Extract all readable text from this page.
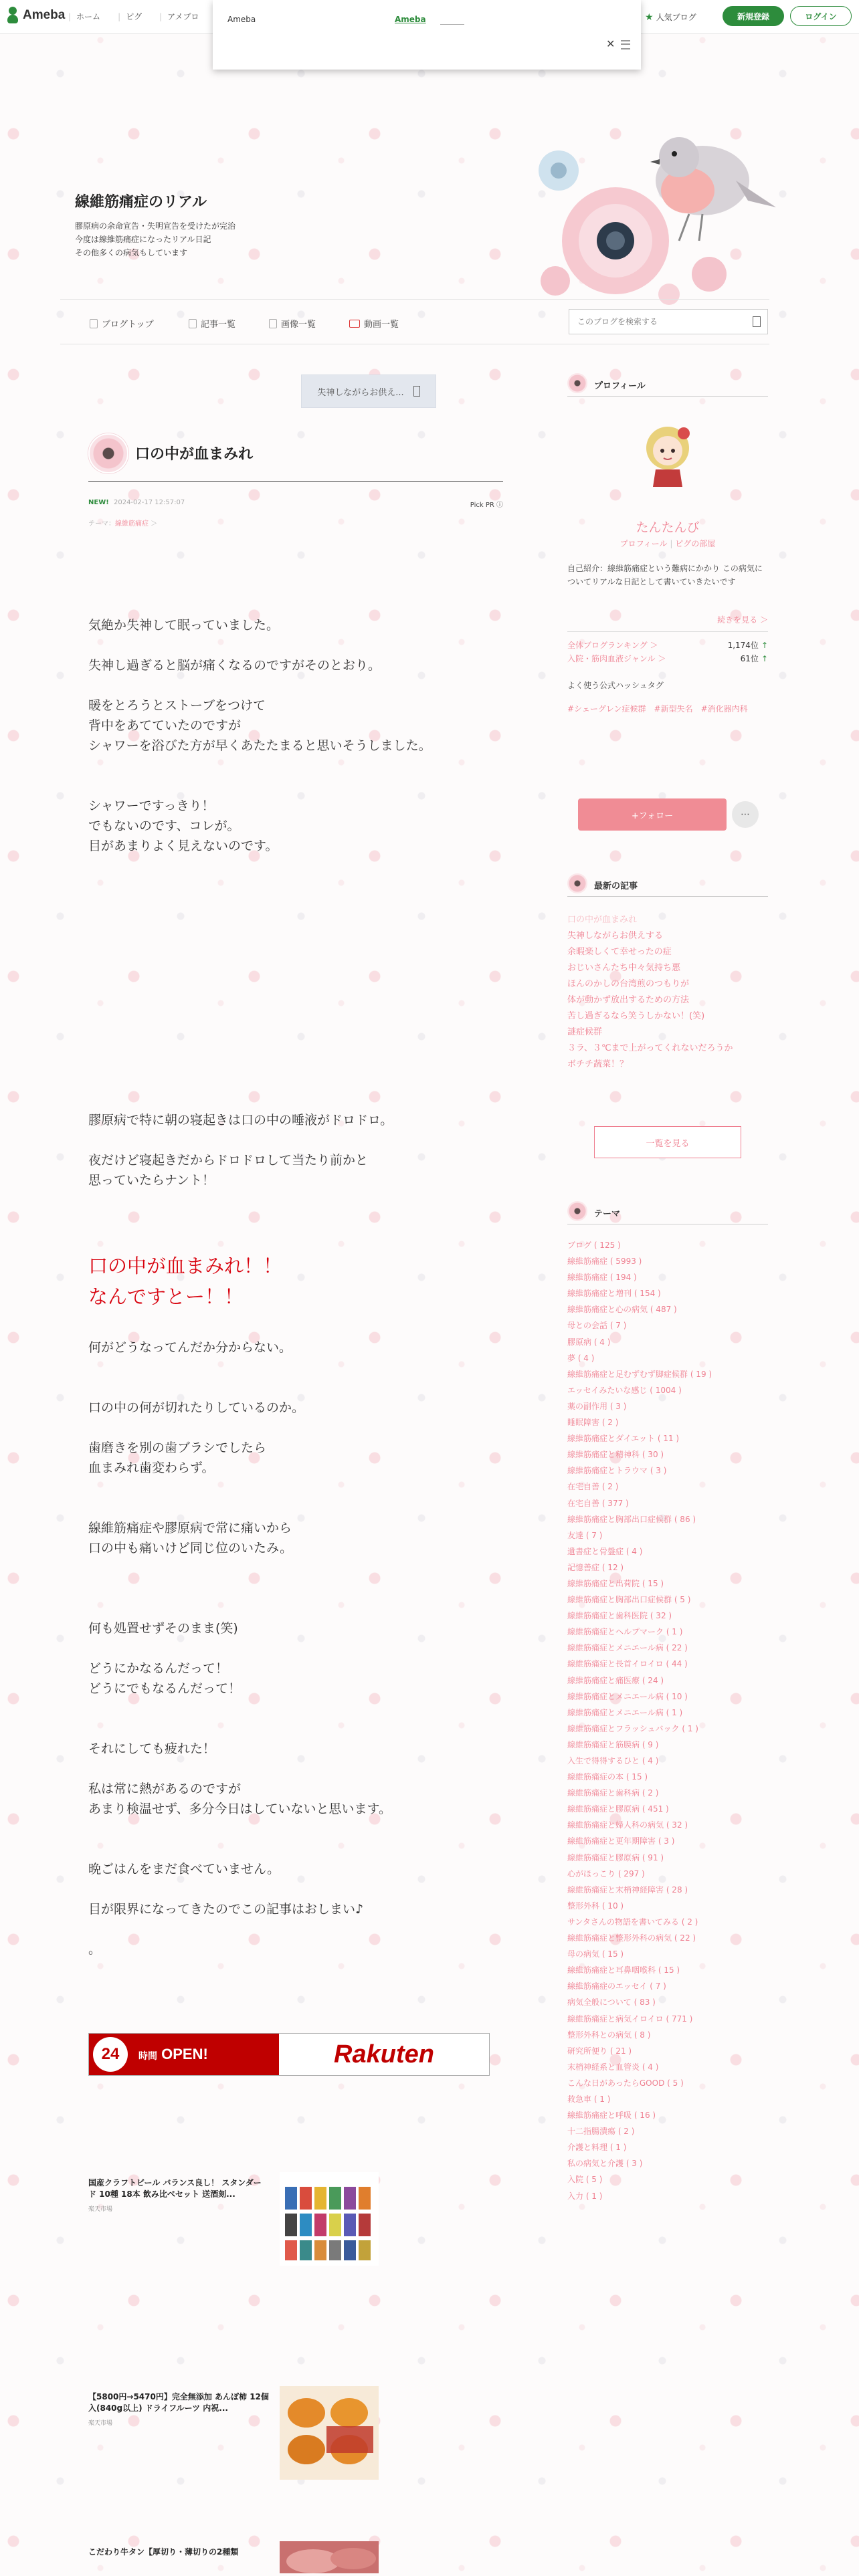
Ameba	| ホーム	| ピグ	| アメブロ	★ 人気ブログ	新規登録	ログイン
Ameba	Ameba
✕
線維筋痛症のリアル
膠原病の余命宣告・失明宣告を受けたが完治
今度は線維筋痛症になったリアル日記
その他多くの病気もしています
ブログトップ	記事一覧	画像一覧	動画一覧
このブログを検索する
失神しながらお供え...
口の中が血まみれ
NEW! 2024-02-17 12:57:07	Pick PR ⓘ
テーマ：線維筋痛症 ＞

気絶か失神して眠っていました。

失神し過ぎると脳が痛くなるのですがそのとおり。

暖をとろうとストーブをつけて

背中をあてていたのですが

シャワーを浴びた方が早くあたたまると思いそうしました。

シャワーですっきり！

でもないのです、コレが。

目があまりよく見えないのです。

膠原病で特に朝の寝起きは口の中の唾液がドロドロ。

夜だけど寝起きだからドロドロして当たり前かと

思っていたらナント！

口の中が血まみれ！！
なんですとー！！

何がどうなってんだか分からない。

口の中の何が切れたりしているのか。

歯磨きを別の歯ブラシでしたら

血まみれ歯変わらず。

線維筋痛症や膠原病で常に痛いから

口の中も痛いけど同じ位のいたみ。

何も処置せずそのまま(笑)

どうにかなるんだって！

どうにでもなるんだって！

それにしても疲れた！

私は常に熱があるのですが

あまり検温せず、多分今日はしていないと思います。

晩ごはんをまだ食べていません。

目が限界になってきたのでこの記事はおしまい♪

。

24	時間 OPEN!	Rakuten
国産クラフトビール バランス良し！ スタンダード 10種 18本 飲み比べセット 送酒刻...
楽天市場
【5800円→5470円】完全無添加 あんぽ柿 12個入(840g以上) ドライフルーツ 内祝...
楽天市場
こだわり牛タン【厚切り・薄切りの2種類
プロフィール
たんたんび
プロフィール | ピグの部屋
自己紹介：線維筋痛症という難病にかかり この病気についてリアルな日記として書いていきたいです
続きを見る ＞
全体ブログランキング ＞	1,174位 ↑
入院・筋肉血液ジャンル ＞	61位 ↑
よく使う公式ハッシュタグ
#シェーグレン症候群　#新型失名　#消化器内科
+フォロー	⋯
最新の記事
口の中が血まみれ
失神しながらお供えする
余暇楽しくて幸せったの症
おじいさんたち中々気持ち悪
ほんのかしの台湾煎のつもりが
体が動かず放出するための方法
苦し過ぎるなら笑うしかない！(笑)
謎症候群
３ラ、３℃まで上がってくれないだろうか
ボチチ蔬菜！？
一覧を見る
テーマ
ブログ ( 125 )
線維筋痛症 ( 5993 )
線維筋痛症 ( 194 )
線維筋痛症と増刊 ( 154 )
線維筋痛症と心の病気 ( 487 )
母との会話 ( 7 )
膠原病 ( 4 )
夢 ( 4 )
線維筋痛症と足むずむず脚症候群 ( 19 )
エッセイみたいな感じ ( 1004 )
薬の副作用 ( 3 )
睡眠障害 ( 2 )
線維筋痛症とダイエット ( 11 )
線維筋痛症と精神科 ( 30 )
線維筋痛症とトラウマ ( 3 )
在宅自善 ( 2 )
在宅自善 ( 377 )
線維筋痛症と胸部出口症候群 ( 86 )
友達 ( 7 )
遺書症と骨盤症 ( 4 )
記憶善症 ( 12 )
線維筋痛症と出荷院 ( 15 )
線維筋痛症と胸部出口症候群 ( 5 )
線維筋痛症と歯科医院 ( 32 )
線維筋痛症とヘルプマーク ( 1 )
線維筋痛症とメニエール病 ( 22 )
線維筋痛症と長首イロイロ ( 44 )
線維筋痛症と痛医療 ( 24 )
線維筋痛症とメニエール病 ( 10 )
線維筋痛症とメニエール病 ( 1 )
線維筋痛症とフラッシュバック ( 1 )
線維筋痛症と筋膜病 ( 9 )
入生で得得するひと ( 4 )
線維筋痛症の本 ( 15 )
線維筋痛症と歯科病 ( 2 )
線維筋痛症と膠原病 ( 451 )
線維筋痛症と婦人科の病気 ( 32 )
線維筋痛症と更年期障害 ( 3 )
線維筋痛症と膠原病 ( 91 )
心がほっこり ( 297 )
線維筋痛症と末梢神経障害 ( 28 )
整形外科 ( 10 )
サンタさんの物語を書いてみる ( 2 )
線維筋痛症と整形外科の病気 ( 22 )
母の病気 ( 15 )
線維筋痛症と耳鼻咽喉科 ( 15 )
線維筋痛症のエッセイ ( 7 )
病気全般について ( 83 )
線維筋痛症と病気イロイロ ( 771 )
整形外科との病気 ( 8 )
研究所便り ( 21 )
末梢神経系と血管炎 ( 4 )
こんな日があったらGOOD ( 5 )
救急車 ( 1 )
線維筋痛症と呼吸 ( 16 )
十二指腸潰瘍 ( 2 )
介護と料理 ( 1 )
私の病気と介護 ( 3 )
入院 ( 5 )
入力 ( 1 )
